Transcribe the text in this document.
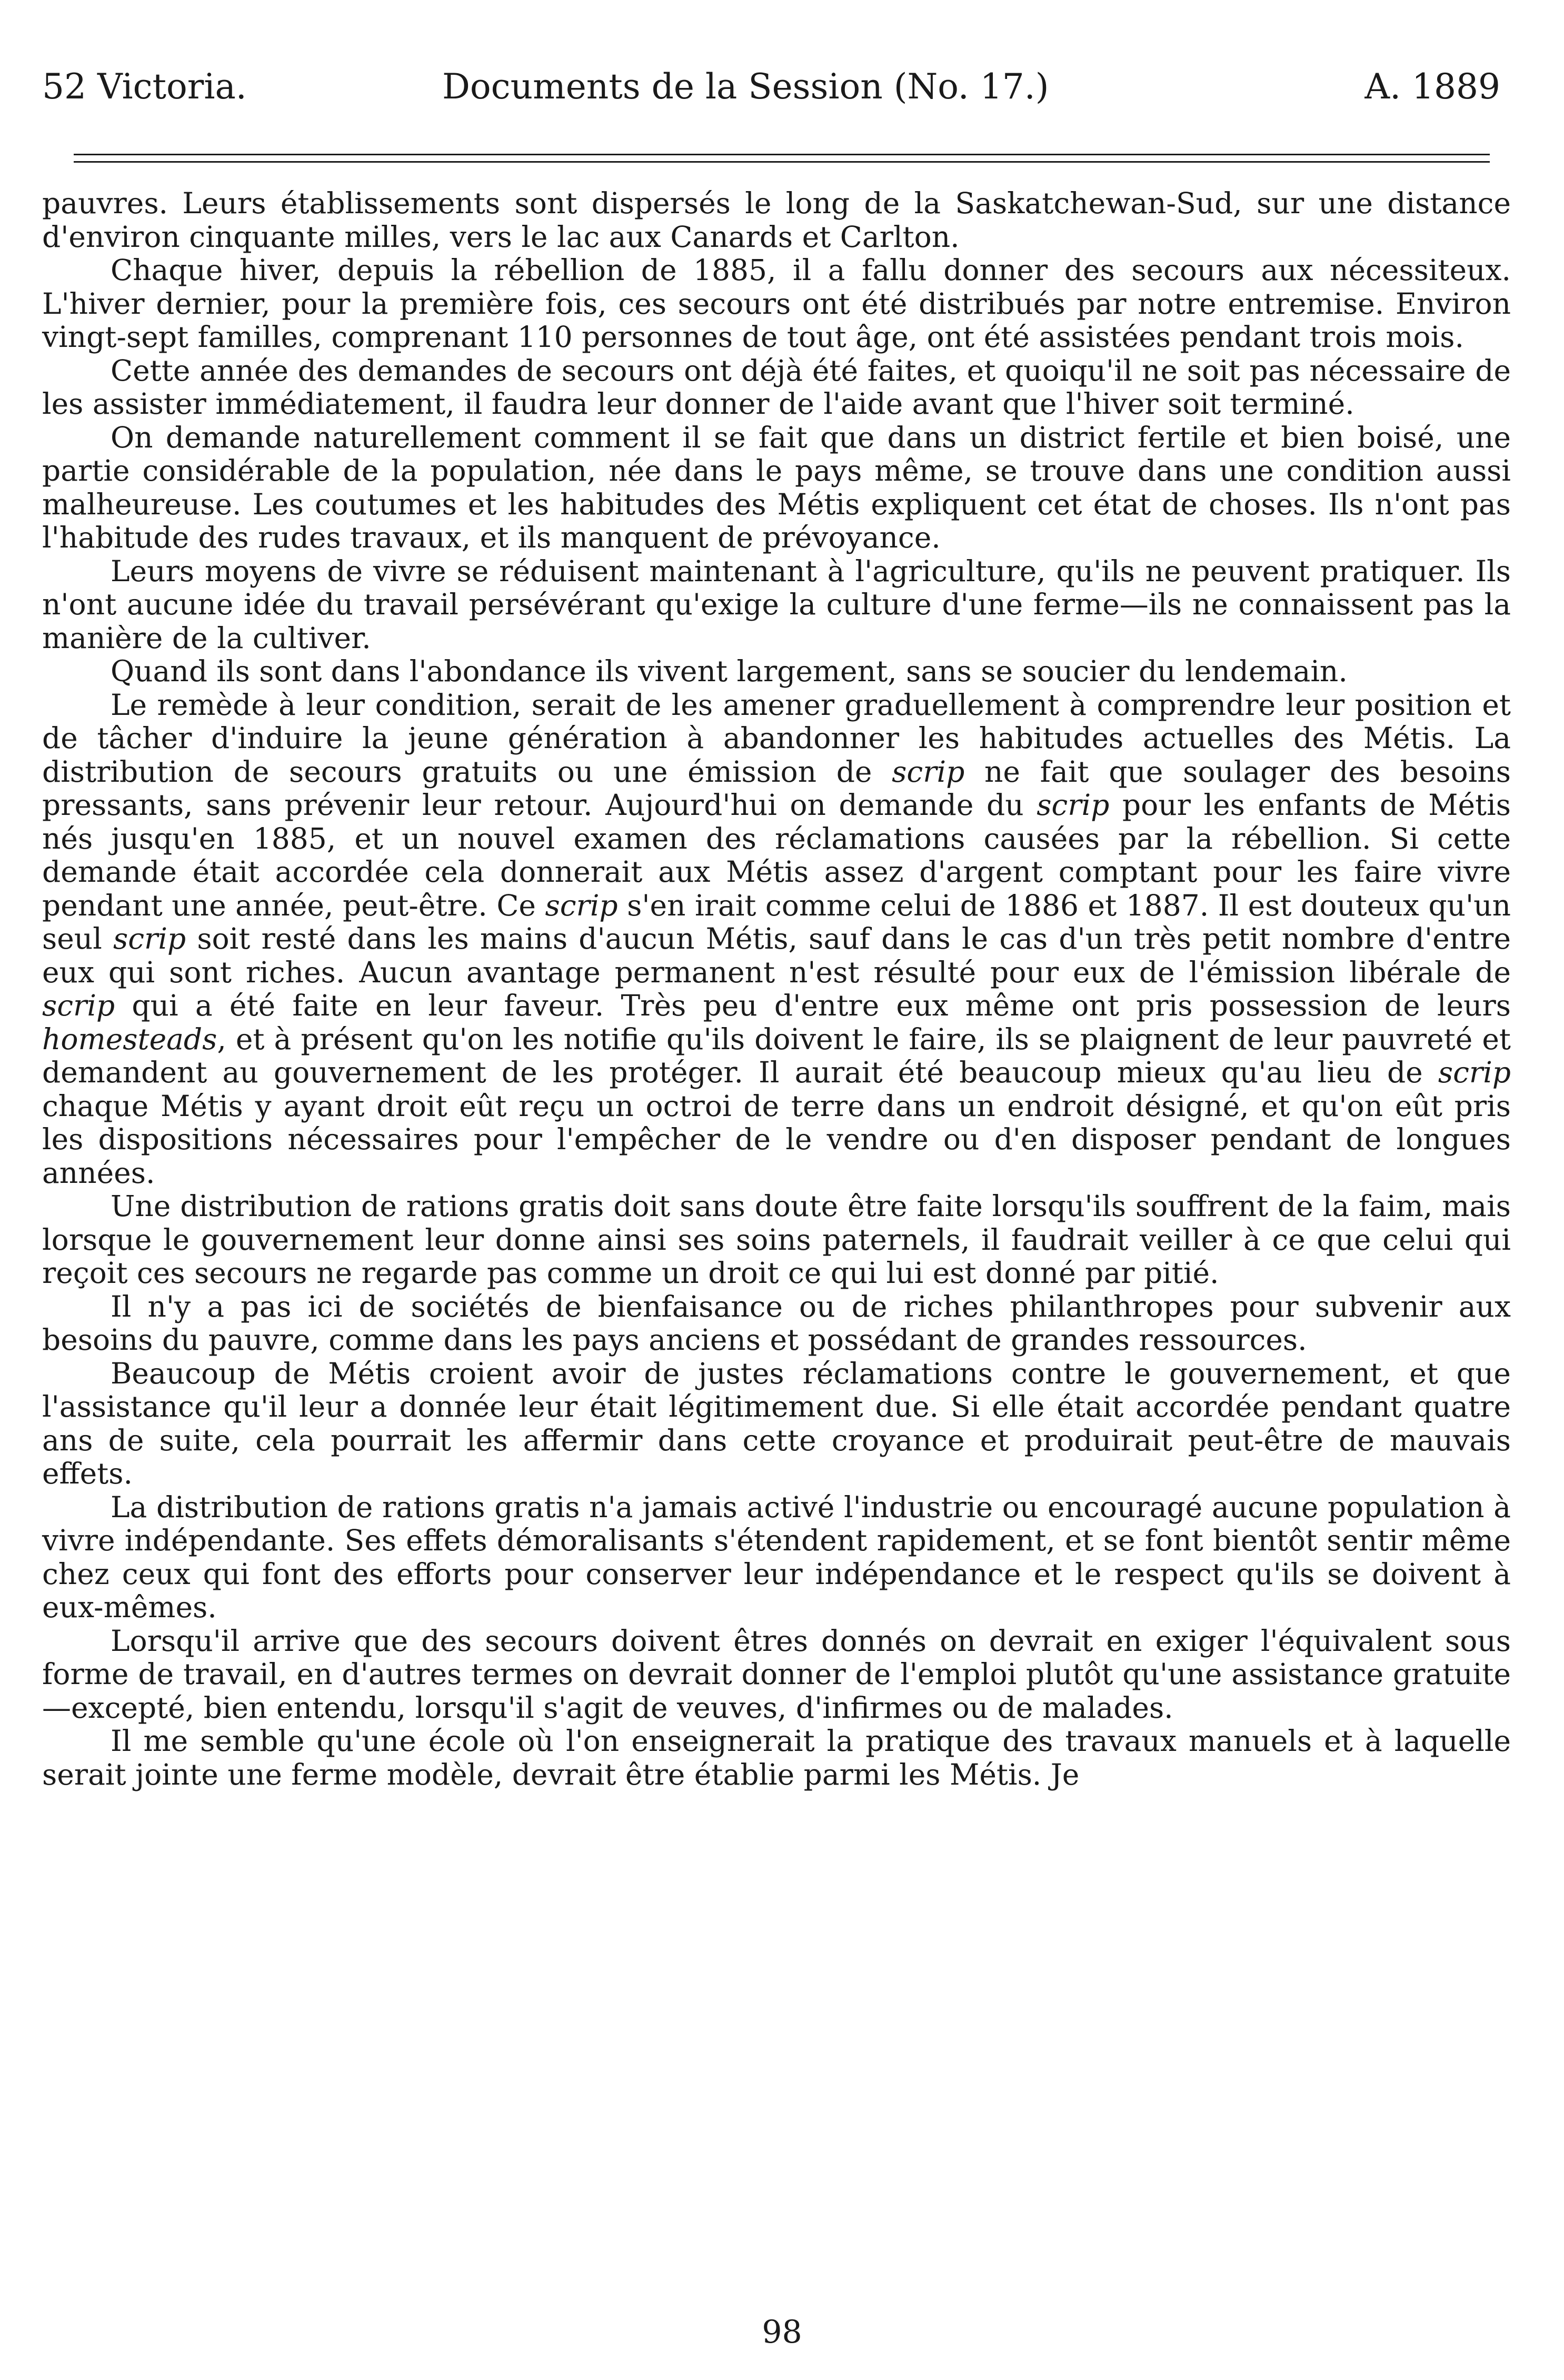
52 Victoria.	Documents de la Session (No. 17.)	A. 1889

pauvres. Leurs établissements sont dispersés le long de la Saskatchewan-Sud, sur une distance d'environ cinquante milles, vers le lac aux Canards et Carlton.

Chaque hiver, depuis la rébellion de 1885, il a fallu donner des secours aux nécessiteux. L'hiver dernier, pour la première fois, ces secours ont été distribués par notre entremise. Environ vingt-sept familles, comprenant 110 personnes de tout âge, ont été assistées pendant trois mois.

Cette année des demandes de secours ont déjà été faites, et quoiqu'il ne soit pas nécessaire de les assister immédiatement, il faudra leur donner de l'aide avant que l'hiver soit terminé.

On demande naturellement comment il se fait que dans un district fertile et bien boisé, une partie considérable de la population, née dans le pays même, se trouve dans une condition aussi malheureuse. Les coutumes et les habitudes des Métis expliquent cet état de choses. Ils n'ont pas l'habitude des rudes travaux, et ils manquent de prévoyance.

Leurs moyens de vivre se réduisent maintenant à l'agriculture, qu'ils ne peuvent pratiquer. Ils n'ont aucune idée du travail persévérant qu'exige la culture d'une ferme—ils ne connaissent pas la manière de la cultiver.

Quand ils sont dans l'abondance ils vivent largement, sans se soucier du lendemain.

Le remède à leur condition, serait de les amener graduellement à comprendre leur position et de tâcher d'induire la jeune génération à abandonner les habitudes actuelles des Métis. La distribution de secours gratuits ou une émission de scrip ne fait que soulager des besoins pressants, sans prévenir leur retour. Aujourd'hui on demande du scrip pour les enfants de Métis nés jusqu'en 1885, et un nouvel examen des réclamations causées par la rébellion. Si cette demande était accordée cela donnerait aux Métis assez d'argent comptant pour les faire vivre pendant une année, peut-être. Ce scrip s'en irait comme celui de 1886 et 1887. Il est douteux qu'un seul scrip soit resté dans les mains d'aucun Métis, sauf dans le cas d'un très petit nombre d'entre eux qui sont riches. Aucun avantage permanent n'est résulté pour eux de l'émission libérale de scrip qui a été faite en leur faveur. Très peu d'entre eux même ont pris possession de leurs homesteads, et à présent qu'on les notifie qu'ils doivent le faire, ils se plaignent de leur pauvreté et demandent au gouvernement de les protéger. Il aurait été beaucoup mieux qu'au lieu de scrip chaque Métis y ayant droit eût reçu un octroi de terre dans un endroit désigné, et qu'on eût pris les dispositions nécessaires pour l'empêcher de le vendre ou d'en disposer pendant de longues années.

Une distribution de rations gratis doit sans doute être faite lorsqu'ils souffrent de la faim, mais lorsque le gouvernement leur donne ainsi ses soins paternels, il faudrait veiller à ce que celui qui reçoit ces secours ne regarde pas comme un droit ce qui lui est donné par pitié.

Il n'y a pas ici de sociétés de bienfaisance ou de riches philanthropes pour subvenir aux besoins du pauvre, comme dans les pays anciens et possédant de grandes ressources.

Beaucoup de Métis croient avoir de justes réclamations contre le gouvernement, et que l'assistance qu'il leur a donnée leur était légitimement due. Si elle était accordée pendant quatre ans de suite, cela pourrait les affermir dans cette croyance et produirait peut-être de mauvais effets.

La distribution de rations gratis n'a jamais activé l'industrie ou encouragé aucune population à vivre indépendante. Ses effets démoralisants s'étendent rapidement, et se font bientôt sentir même chez ceux qui font des efforts pour conserver leur indépendance et le respect qu'ils se doivent à eux-mêmes.

Lorsqu'il arrive que des secours doivent êtres donnés on devrait en exiger l'équivalent sous forme de travail, en d'autres termes on devrait donner de l'emploi plutôt qu'une assistance gratuite—excepté, bien entendu, lorsqu'il s'agit de veuves, d'infirmes ou de malades.

Il me semble qu'une école où l'on enseignerait la pratique des travaux manuels et à laquelle serait jointe une ferme modèle, devrait être établie parmi les Métis. Je

98
